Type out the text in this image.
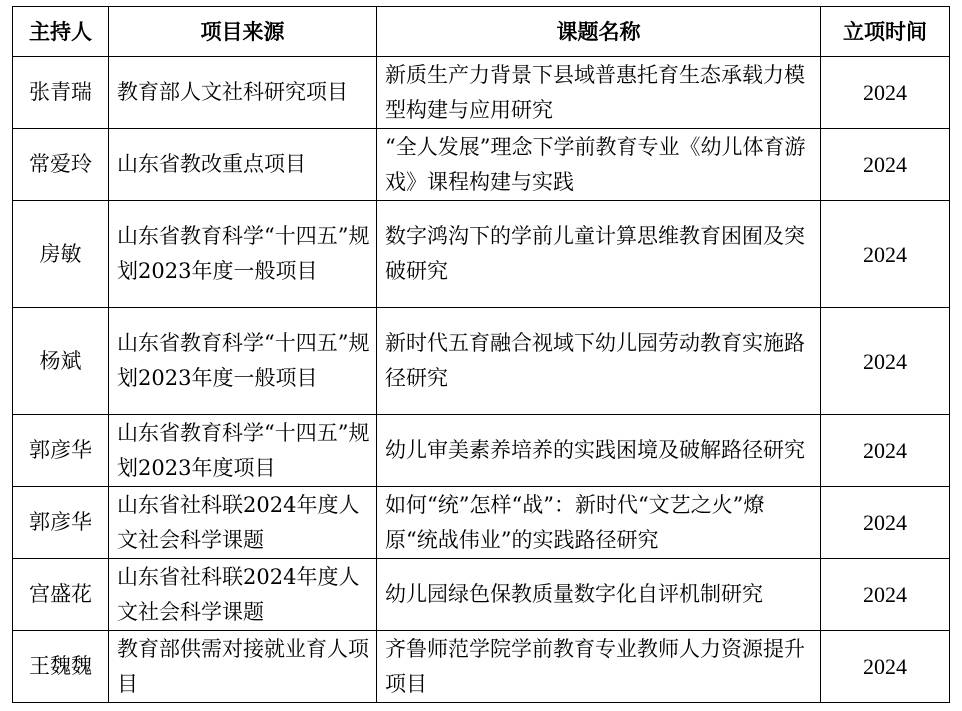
主持人	项目来源	课题名称	立项时间
张青瑞	教育部人文社科研究项目	新质生产力背景下县域普惠托育生态承载力模型构建与应用研究	2024
常爱玲	山东省教改重点项目	“全人发展”理念下学前教育专业《幼儿体育游戏》课程构建与实践	2024
房敏	山东省教育科学“十四五”规划2023年度一般项目	数字鸿沟下的学前儿童计算思维教育困囿及突破研究	2024
杨斌	山东省教育科学“十四五”规划2023年度一般项目	新时代五育融合视域下幼儿园劳动教育实施路径研究	2024
郭彦华	山东省教育科学“十四五”规划2023年度项目	幼儿审美素养培养的实践困境及破解路径研究	2024
郭彦华	山东省社科联2024年度人文社会科学课题	如何“统”怎样“战”：新时代“文艺之火”燎原“统战伟业”的实践路径研究	2024
宫盛花	山东省社科联2024年度人文社会科学课题	幼儿园绿色保教质量数字化自评机制研究	2024
王魏魏	教育部供需对接就业育人项目	齐鲁师范学院学前教育专业教师人力资源提升项目	2024
